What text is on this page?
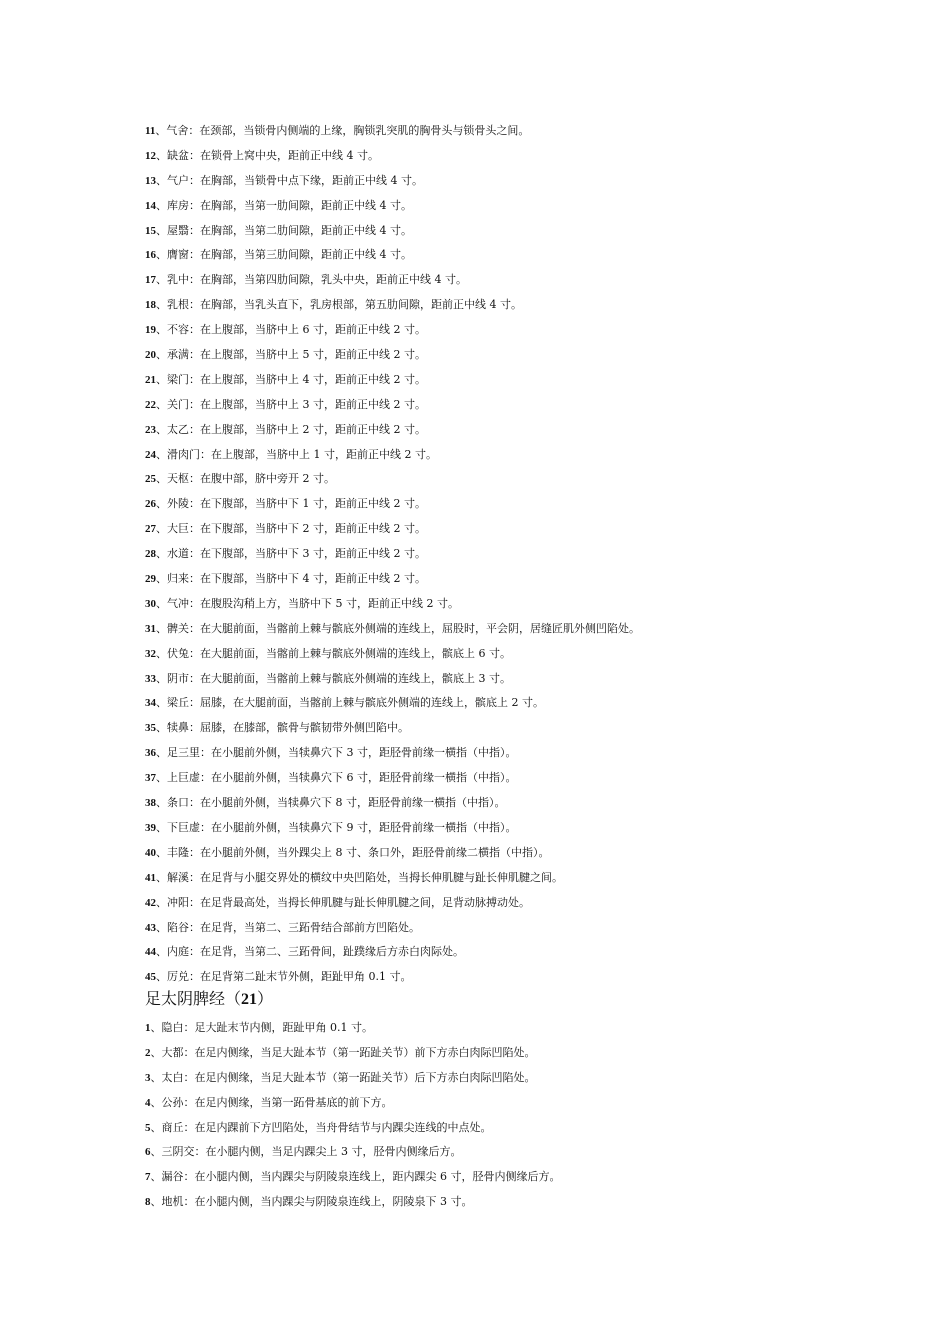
11、气舍：在颈部，当锁骨内侧端的上缘，胸锁乳突肌的胸骨头与锁骨头之间。
12、缺盆：在锁骨上窝中央，距前正中线 4 寸。
13、气户：在胸部，当锁骨中点下缘，距前正中线 4 寸。
14、库房：在胸部，当第一肋间隙，距前正中线 4 寸。
15、屋翳：在胸部，当第二肋间隙，距前正中线 4 寸。
16、膺窗：在胸部，当第三肋间隙，距前正中线 4 寸。
17、乳中：在胸部，当第四肋间隙，乳头中央，距前正中线 4 寸。
18、乳根：在胸部，当乳头直下，乳房根部，第五肋间隙，距前正中线 4 寸。
19、不容：在上腹部，当脐中上 6 寸，距前正中线 2 寸。
20、承满：在上腹部，当脐中上 5 寸，距前正中线 2 寸。
21、梁门：在上腹部，当脐中上 4 寸，距前正中线 2 寸。
22、关门：在上腹部，当脐中上 3 寸，距前正中线 2 寸。
23、太乙：在上腹部，当脐中上 2 寸，距前正中线 2 寸。
24、滑肉门：在上腹部，当脐中上 1 寸，距前正中线 2 寸。
25、天枢：在腹中部，脐中旁开 2 寸。
26、外陵：在下腹部，当脐中下 1 寸，距前正中线 2 寸。
27、大巨：在下腹部，当脐中下 2 寸，距前正中线 2 寸。
28、水道：在下腹部，当脐中下 3 寸，距前正中线 2 寸。
29、归来：在下腹部，当脐中下 4 寸，距前正中线 2 寸。
30、气冲：在腹股沟稍上方，当脐中下 5 寸，距前正中线 2 寸。
31、髀关：在大腿前面，当髂前上棘与髌底外侧端的连线上，屈股时，平会阴，居缝匠肌外侧凹陷处。
32、伏兔：在大腿前面，当髂前上棘与髌底外侧端的连线上，髌底上 6 寸。
33、阴市：在大腿前面，当髂前上棘与髌底外侧端的连线上，髌底上 3 寸。
34、梁丘：屈膝，在大腿前面，当髂前上棘与髌底外侧端的连线上，髌底上 2 寸。
35、犊鼻：屈膝，在膝部，髌骨与髌韧带外侧凹陷中。
36、足三里：在小腿前外侧，当犊鼻穴下 3 寸，距胫骨前缘一横指（中指）。
37、上巨虚：在小腿前外侧，当犊鼻穴下 6 寸，距胫骨前缘一横指（中指）。
38、条口：在小腿前外侧，当犊鼻穴下 8 寸，距胫骨前缘一横指（中指）。
39、下巨虚：在小腿前外侧，当犊鼻穴下 9 寸，距胫骨前缘一横指（中指）。
40、丰隆：在小腿前外侧，当外踝尖上 8 寸、条口外，距胫骨前缘二横指（中指）。
41、解溪：在足背与小腿交界处的横纹中央凹陷处，当拇长伸肌腱与趾长伸肌腱之间。
42、冲阳：在足背最高处，当拇长伸肌腱与趾长伸肌腱之间，足背动脉搏动处。
43、陷谷：在足背，当第二、三跖骨结合部前方凹陷处。
44、内庭：在足背，当第二、三跖骨间，趾蹼缘后方赤白肉际处。
45、厉兑：在足背第二趾末节外侧，距趾甲角 0.1 寸。
足太阴脾经（21）
1、隐白：足大趾末节内侧，距趾甲角 0.1 寸。
2、大都：在足内侧缘，当足大趾本节（第一跖趾关节）前下方赤白肉际凹陷处。
3、太白：在足内侧缘，当足大趾本节（第一跖趾关节）后下方赤白肉际凹陷处。
4、公孙：在足内侧缘，当第一跖骨基底的前下方。
5、商丘：在足内踝前下方凹陷处，当舟骨结节与内踝尖连线的中点处。
6、三阴交：在小腿内侧，当足内踝尖上 3 寸，胫骨内侧缘后方。
7、漏谷：在小腿内侧，当内踝尖与阴陵泉连线上，距内踝尖 6 寸，胫骨内侧缘后方。
8、地机：在小腿内侧，当内踝尖与阴陵泉连线上，阴陵泉下 3 寸。
